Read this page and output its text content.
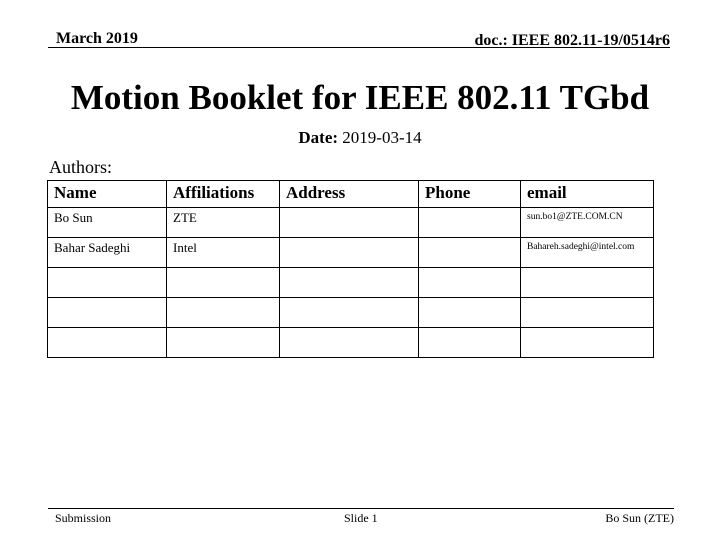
March 2019	doc.: IEEE 802.11-19/0514r6
Motion Booklet for IEEE 802.11 TGbd
Date: 2019-03-14
Authors:
Name	Affiliations	Address	Phone	email
Bo Sun	ZTE			sun.bo1@ZTE.COM.CN
Bahar Sadeghi	Intel			Bahareh.sadeghi@intel.com

Submission	Slide 1	Bo Sun (ZTE)
